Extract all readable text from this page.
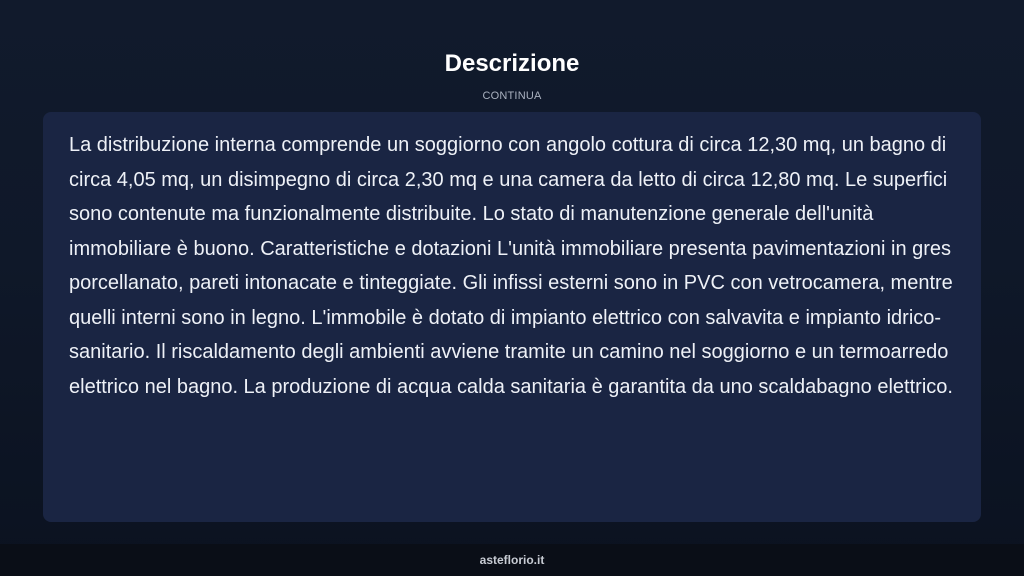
Descrizione
CONTINUA

La distribuzione interna comprende un soggiorno con angolo cottura di circa 12,30 mq, un bagno di circa 4,05 mq, un disimpegno di circa 2,30 mq e una camera da letto di circa 12,80 mq. Le superfici sono contenute ma funzionalmente distribuite. Lo stato di manutenzione generale dell'unità immobiliare è buono. Caratteristiche e dotazioni L'unità immobiliare presenta pavimentazioni in gres porcellanato, pareti intonacate e tinteggiate. Gli infissi esterni sono in PVC con vetrocamera, mentre quelli interni sono in legno. L'immobile è dotato di impianto elettrico con salvavita e impianto idrico-sanitario. Il riscaldamento degli ambienti avviene tramite un camino nel soggiorno e un termoarredo elettrico nel bagno. La produzione di acqua calda sanitaria è garantita da uno scaldabagno elettrico.

asteflorio.it
